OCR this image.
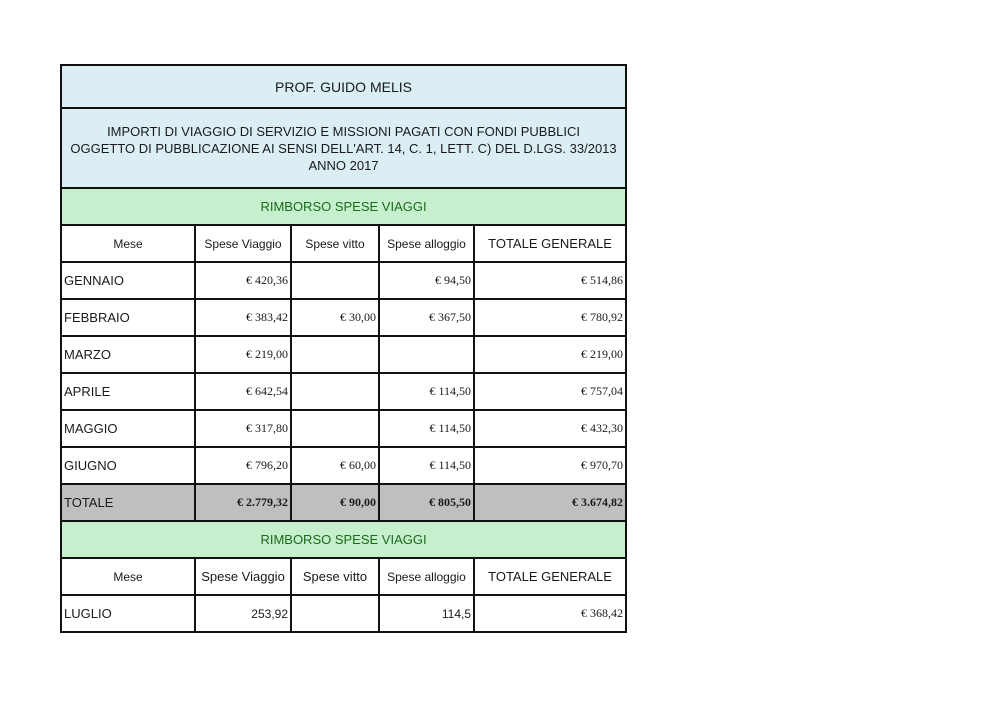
PROF. GUIDO MELIS				

IMPORTI DI VIAGGIO DI SERVIZIO E MISSIONI PAGATI CON FONDI PUBBLICI
OGGETTO DI PUBBLICAZIONE AI SENSI DELL'ART. 14, C. 1, LETT. C) DEL D.LGS. 33/2013
ANNO 2017				

RIMBORSO SPESE VIAGGI				
Mese	Spese Viaggio	Spese vitto	Spese alloggio	TOTALE GENERALE
GENNAIO	€ 420,36		€ 94,50	€ 514,86
FEBBRAIO	€ 383,42	€ 30,00	€ 367,50	€ 780,92
MARZO	€ 219,00			€ 219,00
APRILE	€ 642,54		€ 114,50	€ 757,04
MAGGIO	€ 317,80		€ 114,50	€ 432,30
GIUGNO	€ 796,20	€ 60,00	€ 114,50	€ 970,70
TOTALE	€ 2.779,32	€ 90,00	€ 805,50	€ 3.674,82
RIMBORSO SPESE VIAGGI				
Mese	Spese Viaggio	Spese vitto	Spese alloggio	TOTALE GENERALE
LUGLIO	253,92		114,5	€ 368,42
